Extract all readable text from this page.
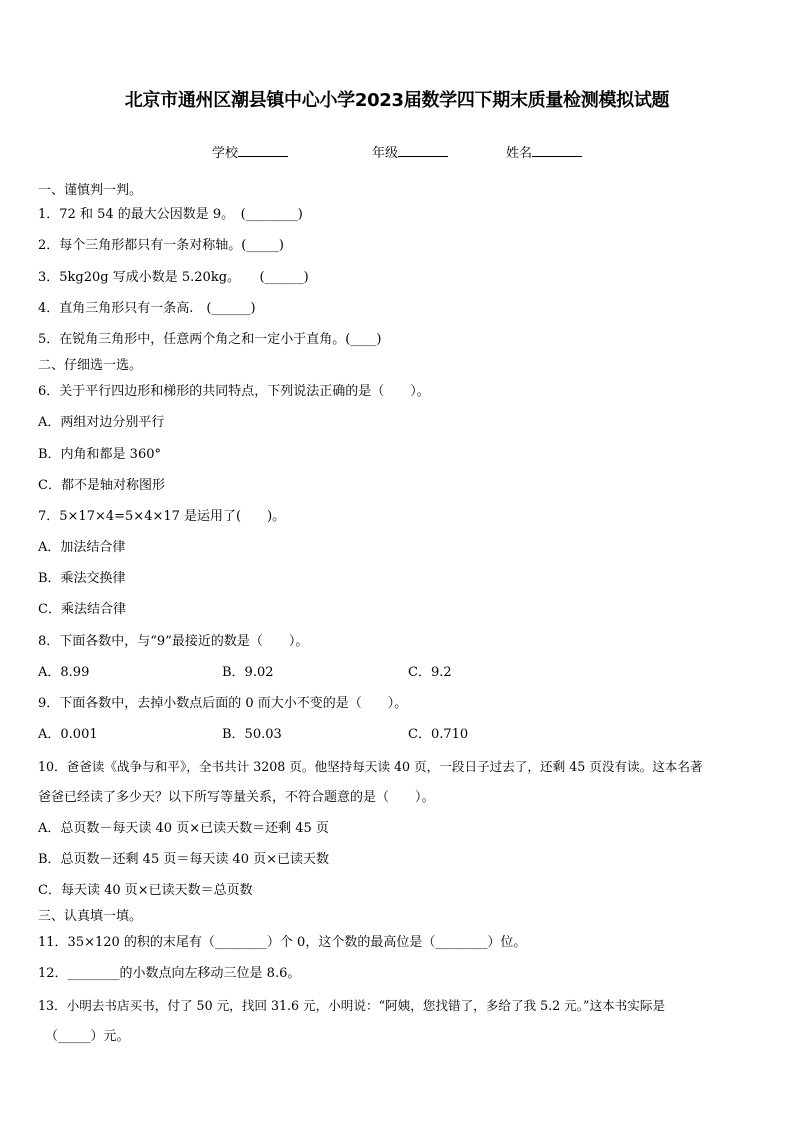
北京市通州区潮县镇中心小学2023届数学四下期末质量检测模拟试题
学校	年级	姓名
一、谨慎判一判。
1．72 和 54 的最大公因数是 9。　(________)
2．每个三角形都只有一条对称轴。(_____)
3．5kg20g 写成小数是 5.20kg。　　(______)
4．直角三角形只有一条高.　(______)
5．在锐角三角形中，任意两个角之和一定小于直角。(____)
二、仔细选一选。
6．关于平行四边形和梯形的共同特点，下列说法正确的是（　　）。
A．两组对边分别平行
B．内角和都是 360°
C．都不是轴对称图形
7．5×17×4=5×4×17 是运用了(　　)。
A．加法结合律
B．乘法交换律
C．乘法结合律
8．下面各数中，与“9”最接近的数是（　　）。
A．8.99	B．9.02	C．9.2
9．下面各数中，去掉小数点后面的 0 而大小不变的是（　　）。
A．0.001	B．50.03	C．0.710
10．爸爸读《战争与和平》，全书共计 3208 页。他坚持每天读 40 页，一段日子过去了，还剩 45 页没有读。这本名著
爸爸已经读了多少天？以下所写等量关系，不符合题意的是（　　）。
A．总页数－每天读 40 页×已读天数＝还剩 45 页
B．总页数－还剩 45 页＝每天读 40 页×已读天数
C．每天读 40 页×已读天数＝总页数
三、认真填一填。
11．35×120 的积的末尾有（________）个 0，这个数的最高位是（________）位。
12．________的小数点向左移动三位是 8.6。
13．小明去书店买书，付了 50 元，找回 31.6 元，小明说：“阿姨，您找错了，多给了我 5.2 元。”这本书实际是
（_____）元。
